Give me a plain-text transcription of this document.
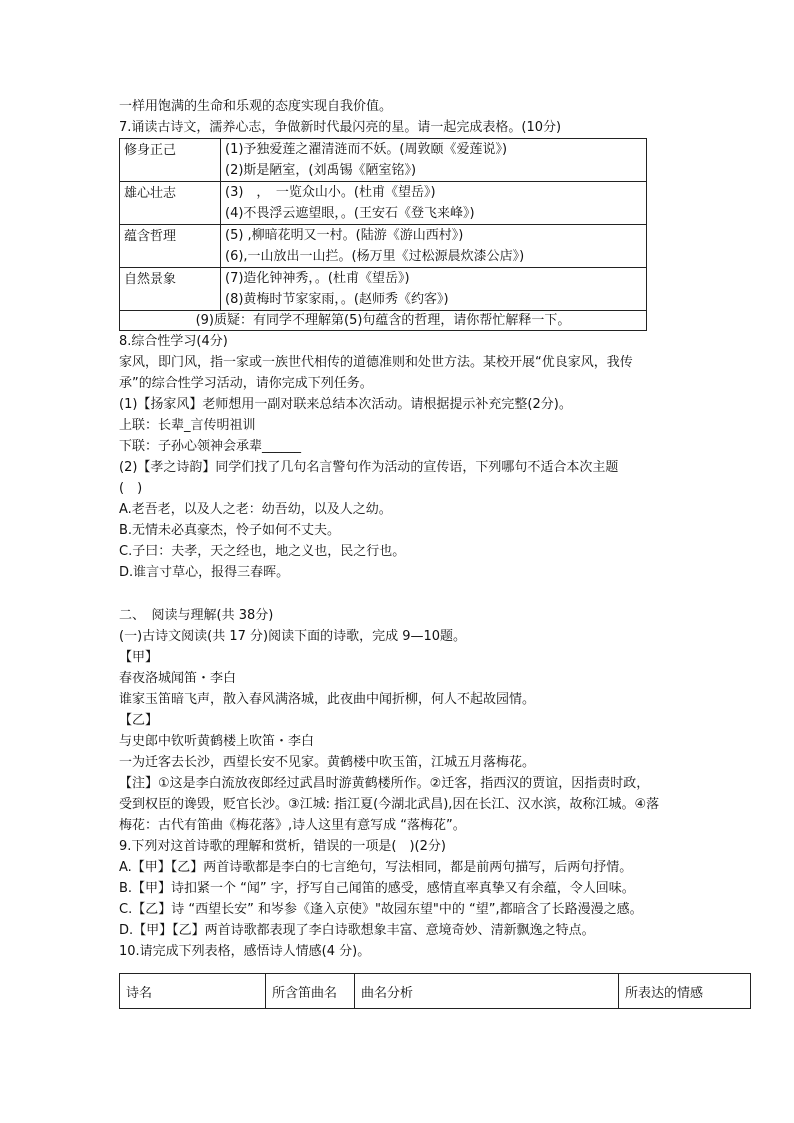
一样用饱满的生命和乐观的态度实现自我价值。
7.诵读古诗文，濡养心志，争做新时代最闪亮的星。请一起完成表格。(10分)
修身正己	(1)予独爱莲之濯清涟而不妖。(周敦颐《爱莲说》)
(2)斯是陋室，(刘禹锡《陋室铭》)

雄心壮志	(3)　，　一览众山小。(杜甫《望岳》)
(4)不畏浮云遮望眼，。(王安石《登飞来峰》)

蕴含哲理	(5) ,柳暗花明又一村。(陆游《游山西村》)
(6),一山放出一山拦。(杨万里《过松源晨炊漆公店》)

自然景象	(7)造化钟神秀，。(杜甫《望岳》)
(8)黄梅时节家家雨，。(赵师秀《约客》)

(9)质疑：有同学不理解第(5)句蕴含的哲理，请你帮忙解释一下。	
8.综合性学习(4分)
家风，即门风，指一家或一族世代相传的道德准则和处世方法。某校开展“优良家风，我传
承”的综合性学习活动，请你完成下列任务。
(1)【扬家风】老师想用一副对联来总结本次活动。请根据提示补充完整(2分)。
上联：长辈_言传明祖训
下联：子孙心领神会承辈______
(2)【孝之诗韵】同学们找了几句名言警句作为活动的宣传语，下列哪句不适合本次主题
(　)
A.老吾老，以及人之老：幼吾幼，以及人之幼。
B.无情未必真豪杰，怜子如何不丈夫。
C.子曰：夫孝，天之经也，地之义也，民之行也。
D.谁言寸草心，报得三春晖。
二、　阅读与理解(共 38分)
(一)古诗文阅读(共 17 分)阅读下面的诗歌，完成 9—10题。
【甲】
春夜洛城闻笛・李白
谁家玉笛暗飞声，散入春风满洛城，此夜曲中闻折柳，何人不起故园情。
【乙】
与史郎中钦听黄鹤楼上吹笛・李白
一为迁客去长沙，西望长安不见家。黄鹤楼中吹玉笛，江城五月落梅花。
【注】①这是李白流放夜郎经过武昌时游黄鹤楼所作。②迁客，指西汉的贾谊，因指责时政，
受到权臣的谗毁，贬官长沙。③江城: 指江夏(今湖北武昌),因在长江、汉水滨，故称江城。④落
梅花：古代有笛曲《梅花落》,诗人这里有意写成 “落梅花”。
9.下列对这首诗歌的理解和赏析，错误的一项是(　)(2分)
A.【甲】【乙】两首诗歌都是李白的七言绝句，写法相同，都是前两句描写，后两句抒情。
B.【甲】诗扣紧一个 “闻” 字，抒写自己闻笛的感受，感情直率真挚又有余蕴，令人回味。
C.【乙】诗 “西望长安” 和岑参《逢入京使》"故园东望"中的 “望”,都暗含了长路漫漫之感。
D.【甲】【乙】两首诗歌都表现了李白诗歌想象丰富、意境奇妙、清新飘逸之特点。
10.请完成下列表格，感悟诗人情感(4 分)。
诗名	所含笛曲名	曲名分析	所表达的情感
